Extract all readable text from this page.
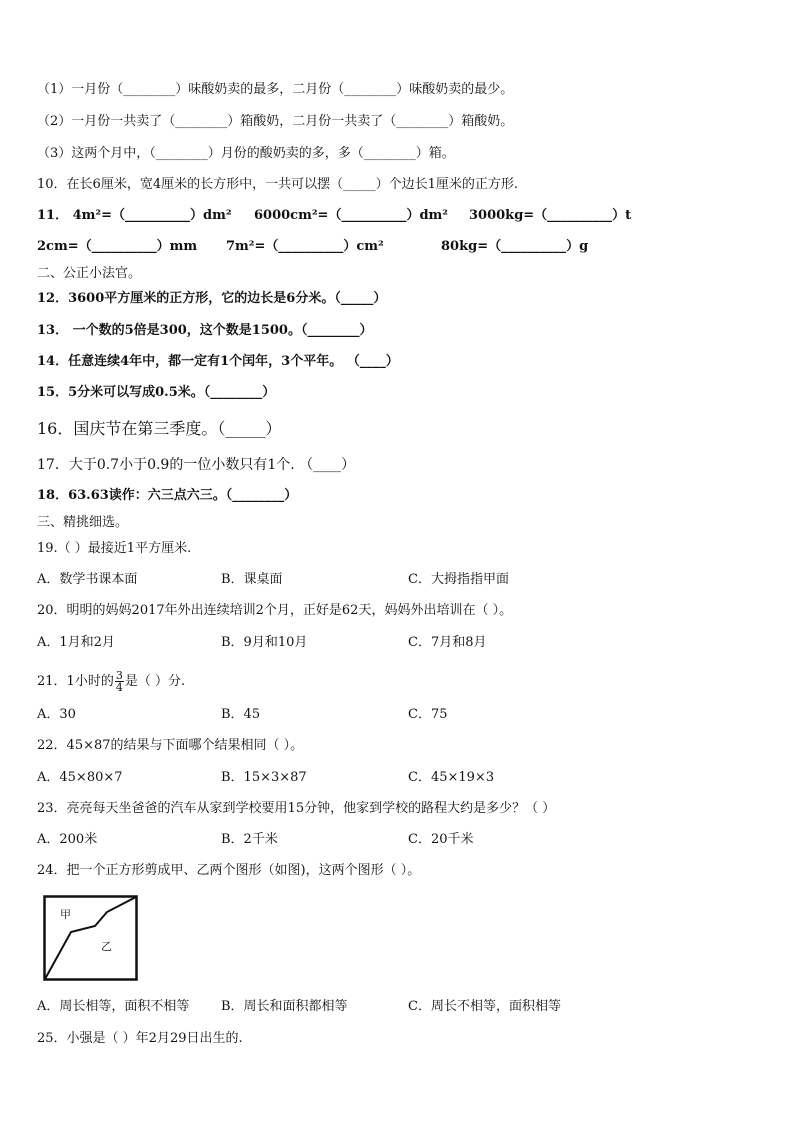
（1）一月份（________）味酸奶卖的最多，二月份（________）味酸奶卖的最少。
（2）一月份一共卖了（________）箱酸奶，二月份一共卖了（________）箱酸奶。
（3）这两个月中，（________）月份的酸奶卖的多，多（________）箱。
10．在长6厘米，宽4厘米的长方形中，一共可以摆（_____）个边长1厘米的正方形.
11． 4m²=（__________）dm² 6000cm²=（__________）dm² 3000kg=（__________）t
2cm=（__________）mm 7m²=（__________）cm²	80kg=（__________）g
二、公正小法官。
12．3600平方厘米的正方形，它的边长是6分米。（_____）
13． 一个数的5倍是300，这个数是1500。（________）
14．任意连续4年中，都一定有1个闰年，3个平年。 （____）
15．5分米可以写成0.5米。（________）
16．国庆节在第三季度。（_____）
17．大于0.7小于0.9的一位小数只有1个. （____）
18．63.63读作：六三点六三。（________）
三、精挑细选。
19.（ ）最接近1平方厘米.
A．数学书课本面	B．课桌面	C．大拇指指甲面
20．明明的妈妈2017年外出连续培训2个月，正好是62天，妈妈外出培训在（ ）。
A．1月和2月	B．9月和10月	C．7月和8月
21．1小时的 $\frac{3}{4}$ 是（ ）分.
A．30	B．45	C．75
22．45×87的结果与下面哪个结果相同（ ）。
A．45×80×7	B．15×3×87	C．45×19×3
23．亮亮每天坐爸爸的汽车从家到学校要用15分钟，他家到学校的路程大约是多少？（ ）
A．200米	B．2千米	C．20千米
24．把一个正方形剪成甲、乙两个图形（如图)，这两个图形（ ）。
甲
乙
A．周长相等，面积不相等 B．周长和面积都相等	C．周长不相等，面积相等
25．小强是（ ）年2月29日出生的.
